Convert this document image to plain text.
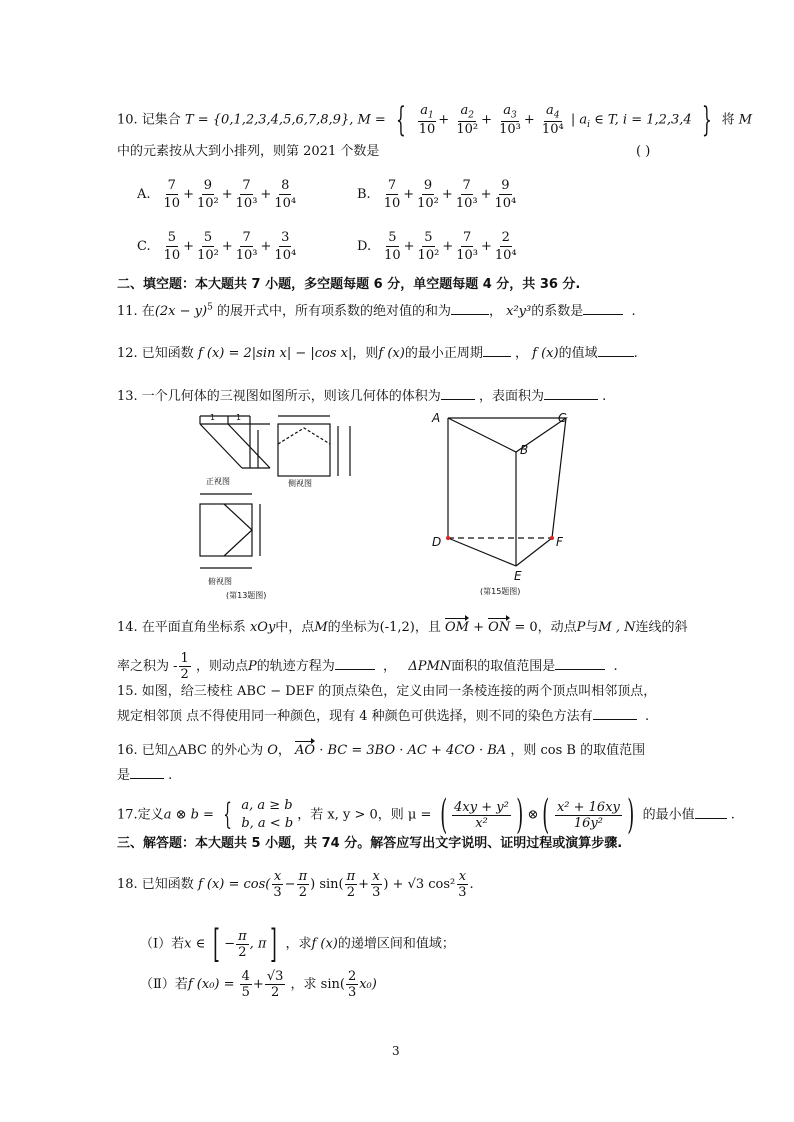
10. 记集合 T = {0,1,2,3,4,5,6,7,8,9}, M = { $\frac{a_1}{10} + \frac{a_2}{\text{10²}} + \frac{a_3}{\text{10³}} + \frac{a_4}{\text{10⁴}}$ | $a_i$ ∈ T, i = 1,2,3,4 } 将 M
中的元素按从大到小排列，则第 2021 个数是	( )
A. $\frac{7}{10} + \frac{9}{\text{10²}} + \frac{7}{\text{10³}} + \frac{8}{\text{10⁴}}$	B. $\frac{7}{10} + \frac{9}{\text{10²}} + \frac{7}{\text{10³}} + \frac{9}{\text{10⁴}}$
C. $\frac{5}{10} + \frac{5}{\text{10²}} + \frac{7}{\text{10³}} + \frac{3}{\text{10⁴}}$	D. $\frac{5}{10} + \frac{5}{\text{10²}} + \frac{7}{\text{10³}} + \frac{2}{\text{10⁴}}$
二、填空题：本大题共 7 小题，多空题每题 6 分，单空题每题 4 分，共 36 分.
11. 在$(2x - y)^5$ 的展开式中，所有项系数的绝对值的和为	， x²y³的系数是	.
12. 已知函数 f (x) = 2|sin x| − |cos x|，则f (x)的最小正周期 ， f (x)的值域	.
13. 一个几何体的三视图如图所示，则该几何体的体积为	，表面积为	.
正视图	侧视图
俯视图
(第13题图)
1	1
(第15题图)
A	C
B
D	F
E
14. 在平面直角坐标系 xOy中，点M的坐标为(-1,2)，且 OM + ON = 0，动点P与M , N连线的斜
率之积为 - $\frac{1}{2}$ ，则动点P的轨迹方程为	， ΔPMN面积的取值范围是	.
15. 如图，给三棱柱 ABC − DEF 的顶点染色，定义由同一条棱连接的两个顶点叫相邻顶点，
规定相邻顶 点不得使用同一种颜色，现有 4 种颜色可供选择，则不同的染色方法有	.
16. 已知△ABC 的外心为 O， AO · BC = 3BO · AC + 4CO · BA ，则 cos B 的取值范围
是	.
17.定义a ⊗ b = { a, a ≥ b
b, a < b
，若 x, y > 0，则 μ = ( $\frac{\text{4xy + y²}}{\text{x²}}$ ) ⊗ ( $\frac{\text{x² + 16xy}}{\text{16y²}}$ ) 的最小值	.
三、解答题：本大题共 5 小题，共 74 分。解答应写出文字说明、证明过程或演算步骤.
18. 已知函数 f $(x) = \cos( \frac{x}{3} - \frac{\pi}{2}$ ) $\sin( \frac{\pi}{2} + \frac{x}{3}$ ) + √3 $\cos^2 \frac{x}{3}$ .
（Ⅰ）若x ∈ [ − $\frac{\pi}{2}$ , π ] ，求f (x)的递增区间和值域；
（Ⅱ）若f $(x_0) = \frac{4}{5} + \frac{√3}{2}$ ，求 $\sin( \frac{2}{3} x_0)$
3
